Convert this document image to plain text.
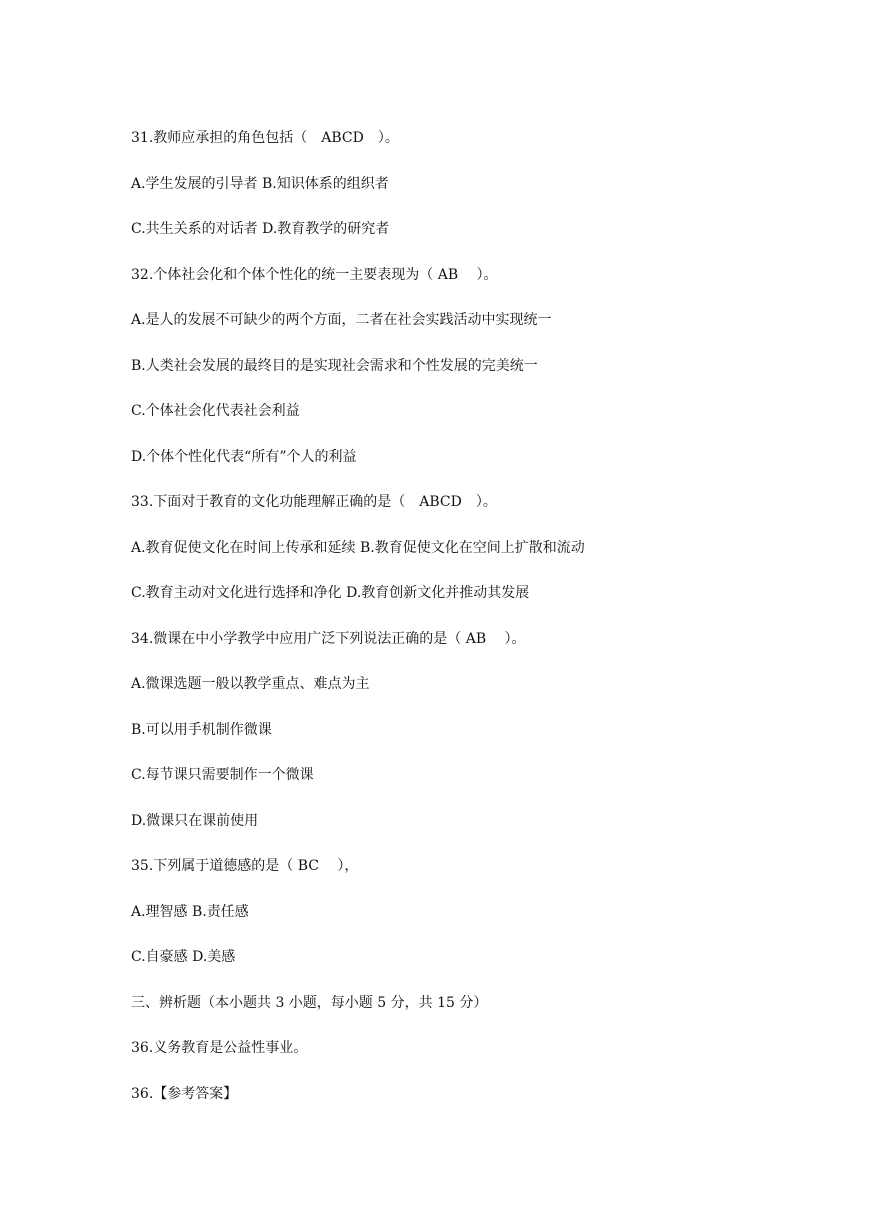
31.教师应承担的角色包括（　ABCD　）。

A.学生发展的引导者 B.知识体系的组织者

C.共生关系的对话者 D.教育教学的研究者

32.个体社会化和个体个性化的统一主要表现为（ AB　 ）。

A.是人的发展不可缺少的两个方面，二者在社会实践活动中实现统一

B.人类社会发展的最终目的是实现社会需求和个性发展的完美统一

C.个体社会化代表社会利益

D.个体个性化代表“所有”个人的利益

33.下面对于教育的文化功能理解正确的是（　ABCD　）。

A.教育促使文化在时间上传承和延续 B.教育促使文化在空间上扩散和流动

C.教育主动对文化进行选择和净化 D.教育创新文化并推动其发展

34.微课在中小学教学中应用广泛下列说法正确的是（ AB　 ）。

A.微课选题一般以教学重点、难点为主

B.可以用手机制作微课

C.每节课只需要制作一个微课

D.微课只在课前使用

35.下列属于道德感的是（ BC　 ），

A.理智感 B.责任感

C.自豪感 D.美感

三、辨析题（本小题共 3 小题，每小题 5 分，共 15 分）

36.义务教育是公益性事业。

36.【参考答案】
